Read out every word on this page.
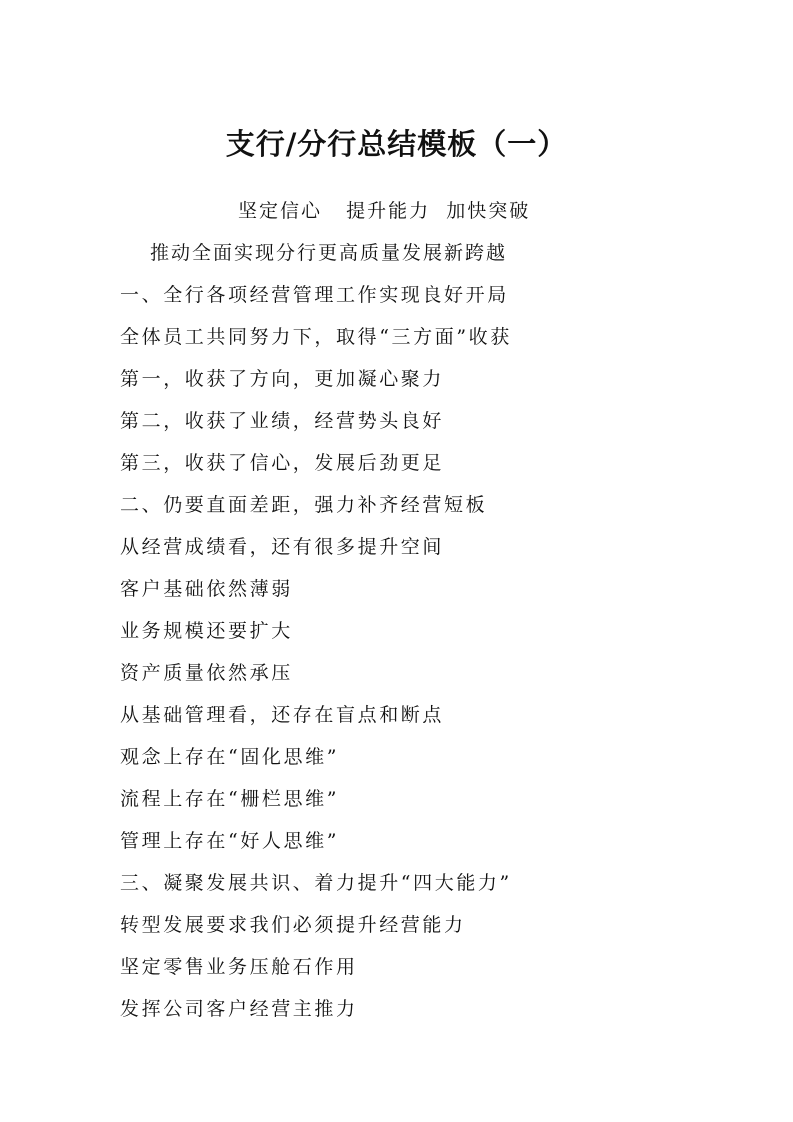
支行/分行总结模板（一）
坚定信心   提升能力  加快突破
推动全面实现分行更高质量发展新跨越
一、全行各项经营管理工作实现良好开局
全体员工共同努力下，取得“三方面”收获
第一，收获了方向，更加凝心聚力
第二，收获了业绩，经营势头良好
第三，收获了信心，发展后劲更足
二、仍要直面差距，强力补齐经营短板
从经营成绩看，还有很多提升空间
客户基础依然薄弱
业务规模还要扩大
资产质量依然承压
从基础管理看，还存在盲点和断点
观念上存在“固化思维”
流程上存在“栅栏思维”
管理上存在“好人思维”
三、凝聚发展共识、着力提升“四大能力”
转型发展要求我们必须提升经营能力
坚定零售业务压舱石作用
发挥公司客户经营主推力
